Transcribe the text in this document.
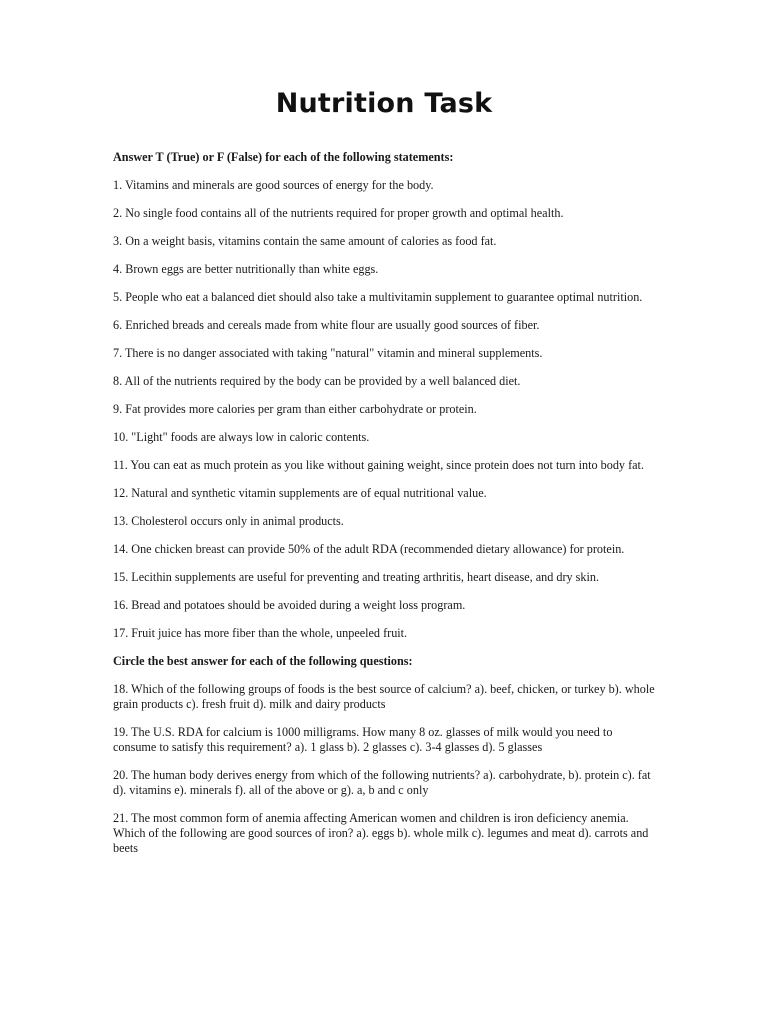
Nutrition Task
Answer T (True) or F (False) for each of the following statements:
1. Vitamins and minerals are good sources of energy for the body.
2. No single food contains all of the nutrients required for proper growth and optimal health.
3. On a weight basis, vitamins contain the same amount of calories as food fat.
4. Brown eggs are better nutritionally than white eggs.
5. People who eat a balanced diet should also take a multivitamin supplement to guarantee optimal nutrition.
6. Enriched breads and cereals made from white flour are usually good sources of fiber.
7. There is no danger associated with taking "natural" vitamin and mineral supplements.
8. All of the nutrients required by the body can be provided by a well balanced diet.
9. Fat provides more calories per gram than either carbohydrate or protein.
10. "Light" foods are always low in caloric contents.
11. You can eat as much protein as you like without gaining weight, since protein does not turn into body fat.
12. Natural and synthetic vitamin supplements are of equal nutritional value.
13. Cholesterol occurs only in animal products.
14. One chicken breast can provide 50% of the adult RDA (recommended dietary allowance) for protein.
15. Lecithin supplements are useful for preventing and treating arthritis, heart disease, and dry skin.
16. Bread and potatoes should be avoided during a weight loss program.
17. Fruit juice has more fiber than the whole, unpeeled fruit.
Circle the best answer for each of the following questions:
18. Which of the following groups of foods is the best source of calcium? a). beef, chicken, or turkey b). whole grain products c). fresh fruit d). milk and dairy products
19. The U.S. RDA for calcium is 1000 milligrams. How many 8 oz. glasses of milk would you need to consume to satisfy this requirement? a). 1 glass b). 2 glasses c). 3-4 glasses d). 5 glasses
20. The human body derives energy from which of the following nutrients? a). carbohydrate, b). protein c). fat d). vitamins e). minerals f). all of the above or g). a, b and c only
21. The most common form of anemia affecting American women and children is iron deficiency anemia. Which of the following are good sources of iron? a). eggs b). whole milk c). legumes and meat d). carrots and beets
